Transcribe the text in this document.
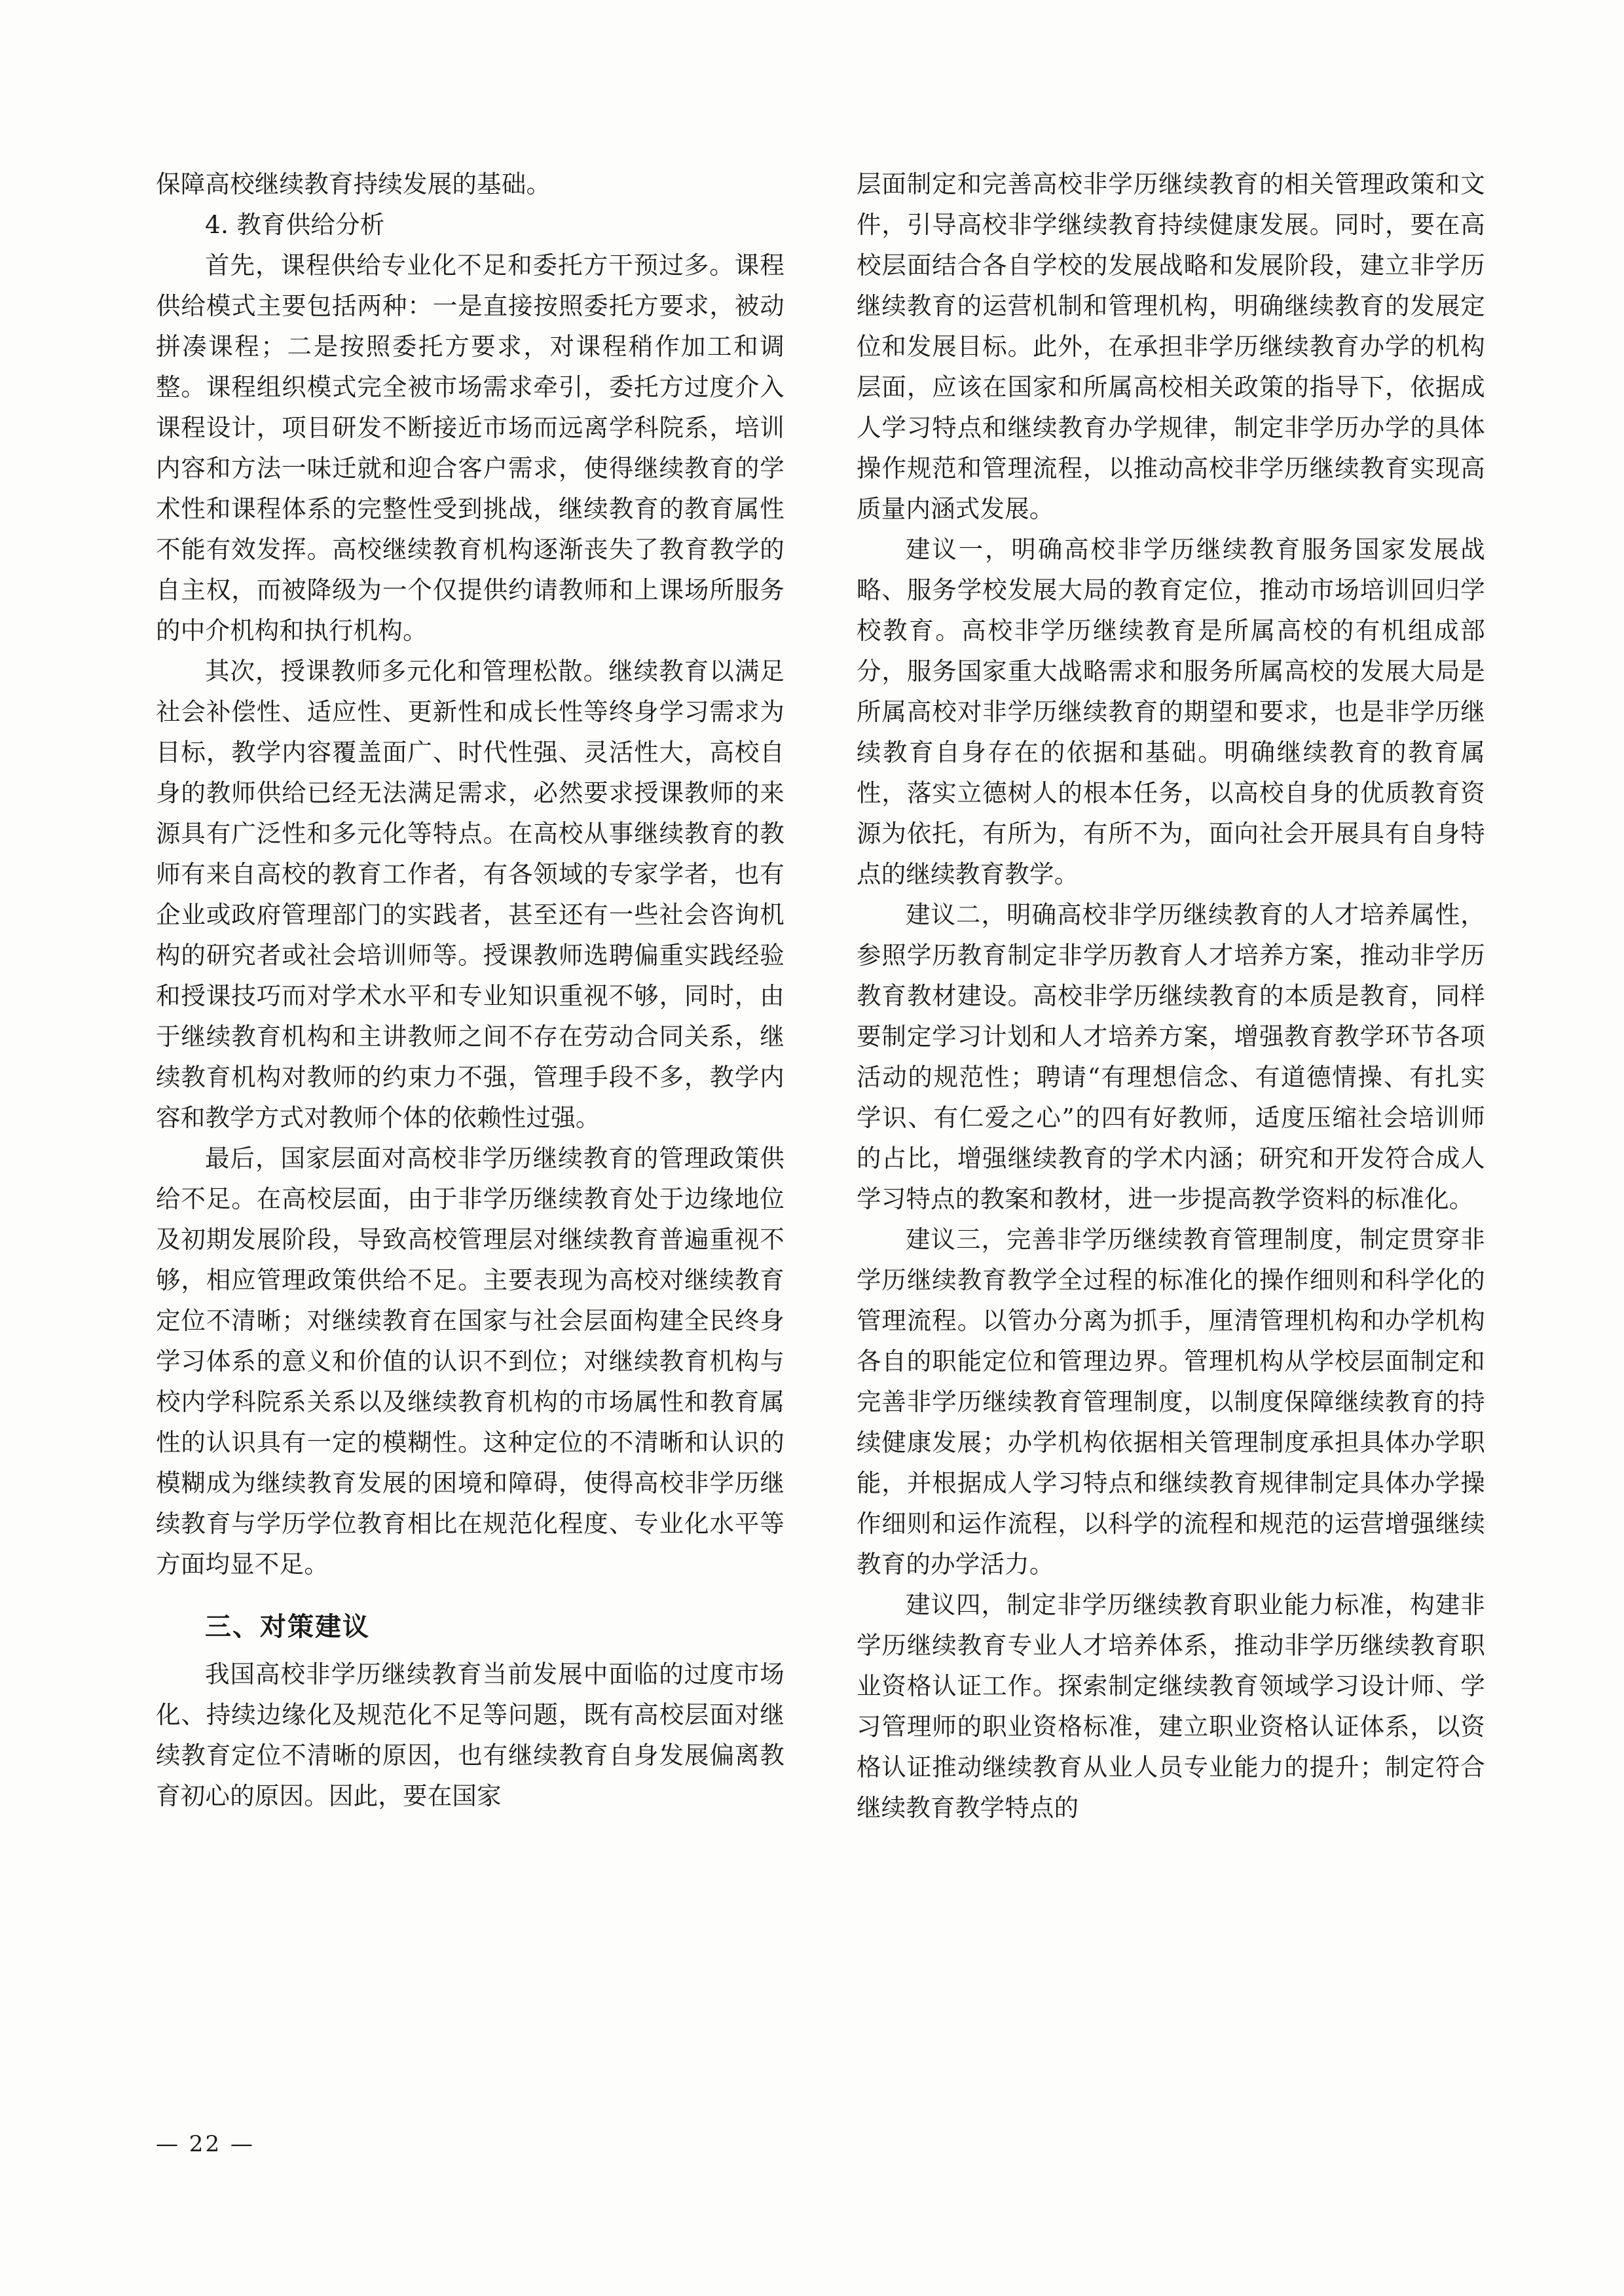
保障高校继续教育持续发展的基础。

4. 教育供给分析

首先，课程供给专业化不足和委托方干预过多。课程供给模式主要包括两种：一是直接按照委托方要求，被动拼凑课程；二是按照委托方要求，对课程稍作加工和调整。课程组织模式完全被市场需求牵引，委托方过度介入课程设计，项目研发不断接近市场而远离学科院系，培训内容和方法一味迁就和迎合客户需求，使得继续教育的学术性和课程体系的完整性受到挑战，继续教育的教育属性不能有效发挥。高校继续教育机构逐渐丧失了教育教学的自主权，而被降级为一个仅提供约请教师和上课场所服务的中介机构和执行机构。

其次，授课教师多元化和管理松散。继续教育以满足社会补偿性、适应性、更新性和成长性等终身学习需求为目标，教学内容覆盖面广、时代性强、灵活性大，高校自身的教师供给已经无法满足需求，必然要求授课教师的来源具有广泛性和多元化等特点。在高校从事继续教育的教师有来自高校的教育工作者，有各领域的专家学者，也有企业或政府管理部门的实践者，甚至还有一些社会咨询机构的研究者或社会培训师等。授课教师选聘偏重实践经验和授课技巧而对学术水平和专业知识重视不够，同时，由于继续教育机构和主讲教师之间不存在劳动合同关系，继续教育机构对教师的约束力不强，管理手段不多，教学内容和教学方式对教师个体的依赖性过强。

最后，国家层面对高校非学历继续教育的管理政策供给不足。在高校层面，由于非学历继续教育处于边缘地位及初期发展阶段，导致高校管理层对继续教育普遍重视不够，相应管理政策供给不足。主要表现为高校对继续教育定位不清晰；对继续教育在国家与社会层面构建全民终身学习体系的意义和价值的认识不到位；对继续教育机构与校内学科院系关系以及继续教育机构的市场属性和教育属性的认识具有一定的模糊性。这种定位的不清晰和认识的模糊成为继续教育发展的困境和障碍，使得高校非学历继续教育与学历学位教育相比在规范化程度、专业化水平等方面均显不足。

三、对策建议

我国高校非学历继续教育当前发展中面临的过度市场化、持续边缘化及规范化不足等问题，既有高校层面对继续教育定位不清晰的原因，也有继续教育自身发展偏离教育初心的原因。因此，要在国家

层面制定和完善高校非学历继续教育的相关管理政策和文件，引导高校非学继续教育持续健康发展。同时，要在高校层面结合各自学校的发展战略和发展阶段，建立非学历继续教育的运营机制和管理机构，明确继续教育的发展定位和发展目标。此外，在承担非学历继续教育办学的机构层面，应该在国家和所属高校相关政策的指导下，依据成人学习特点和继续教育办学规律，制定非学历办学的具体操作规范和管理流程，以推动高校非学历继续教育实现高质量内涵式发展。

建议一，明确高校非学历继续教育服务国家发展战略、服务学校发展大局的教育定位，推动市场培训回归学校教育。高校非学历继续教育是所属高校的有机组成部分，服务国家重大战略需求和服务所属高校的发展大局是所属高校对非学历继续教育的期望和要求，也是非学历继续教育自身存在的依据和基础。明确继续教育的教育属性，落实立德树人的根本任务，以高校自身的优质教育资源为依托，有所为，有所不为，面向社会开展具有自身特点的继续教育教学。

建议二，明确高校非学历继续教育的人才培养属性，参照学历教育制定非学历教育人才培养方案，推动非学历教育教材建设。高校非学历继续教育的本质是教育，同样要制定学习计划和人才培养方案，增强教育教学环节各项活动的规范性；聘请“有理想信念、有道德情操、有扎实学识、有仁爱之心”的四有好教师，适度压缩社会培训师的占比，增强继续教育的学术内涵；研究和开发符合成人学习特点的教案和教材，进一步提高教学资料的标准化。

建议三，完善非学历继续教育管理制度，制定贯穿非学历继续教育教学全过程的标准化的操作细则和科学化的管理流程。以管办分离为抓手，厘清管理机构和办学机构各自的职能定位和管理边界。管理机构从学校层面制定和完善非学历继续教育管理制度，以制度保障继续教育的持续健康发展；办学机构依据相关管理制度承担具体办学职能，并根据成人学习特点和继续教育规律制定具体办学操作细则和运作流程，以科学的流程和规范的运营增强继续教育的办学活力。

建议四，制定非学历继续教育职业能力标准，构建非学历继续教育专业人才培养体系，推动非学历继续教育职业资格认证工作。探索制定继续教育领域学习设计师、学习管理师的职业资格标准，建立职业资格认证体系，以资格认证推动继续教育从业人员专业能力的提升；制定符合继续教育教学特点的

— 22 —
